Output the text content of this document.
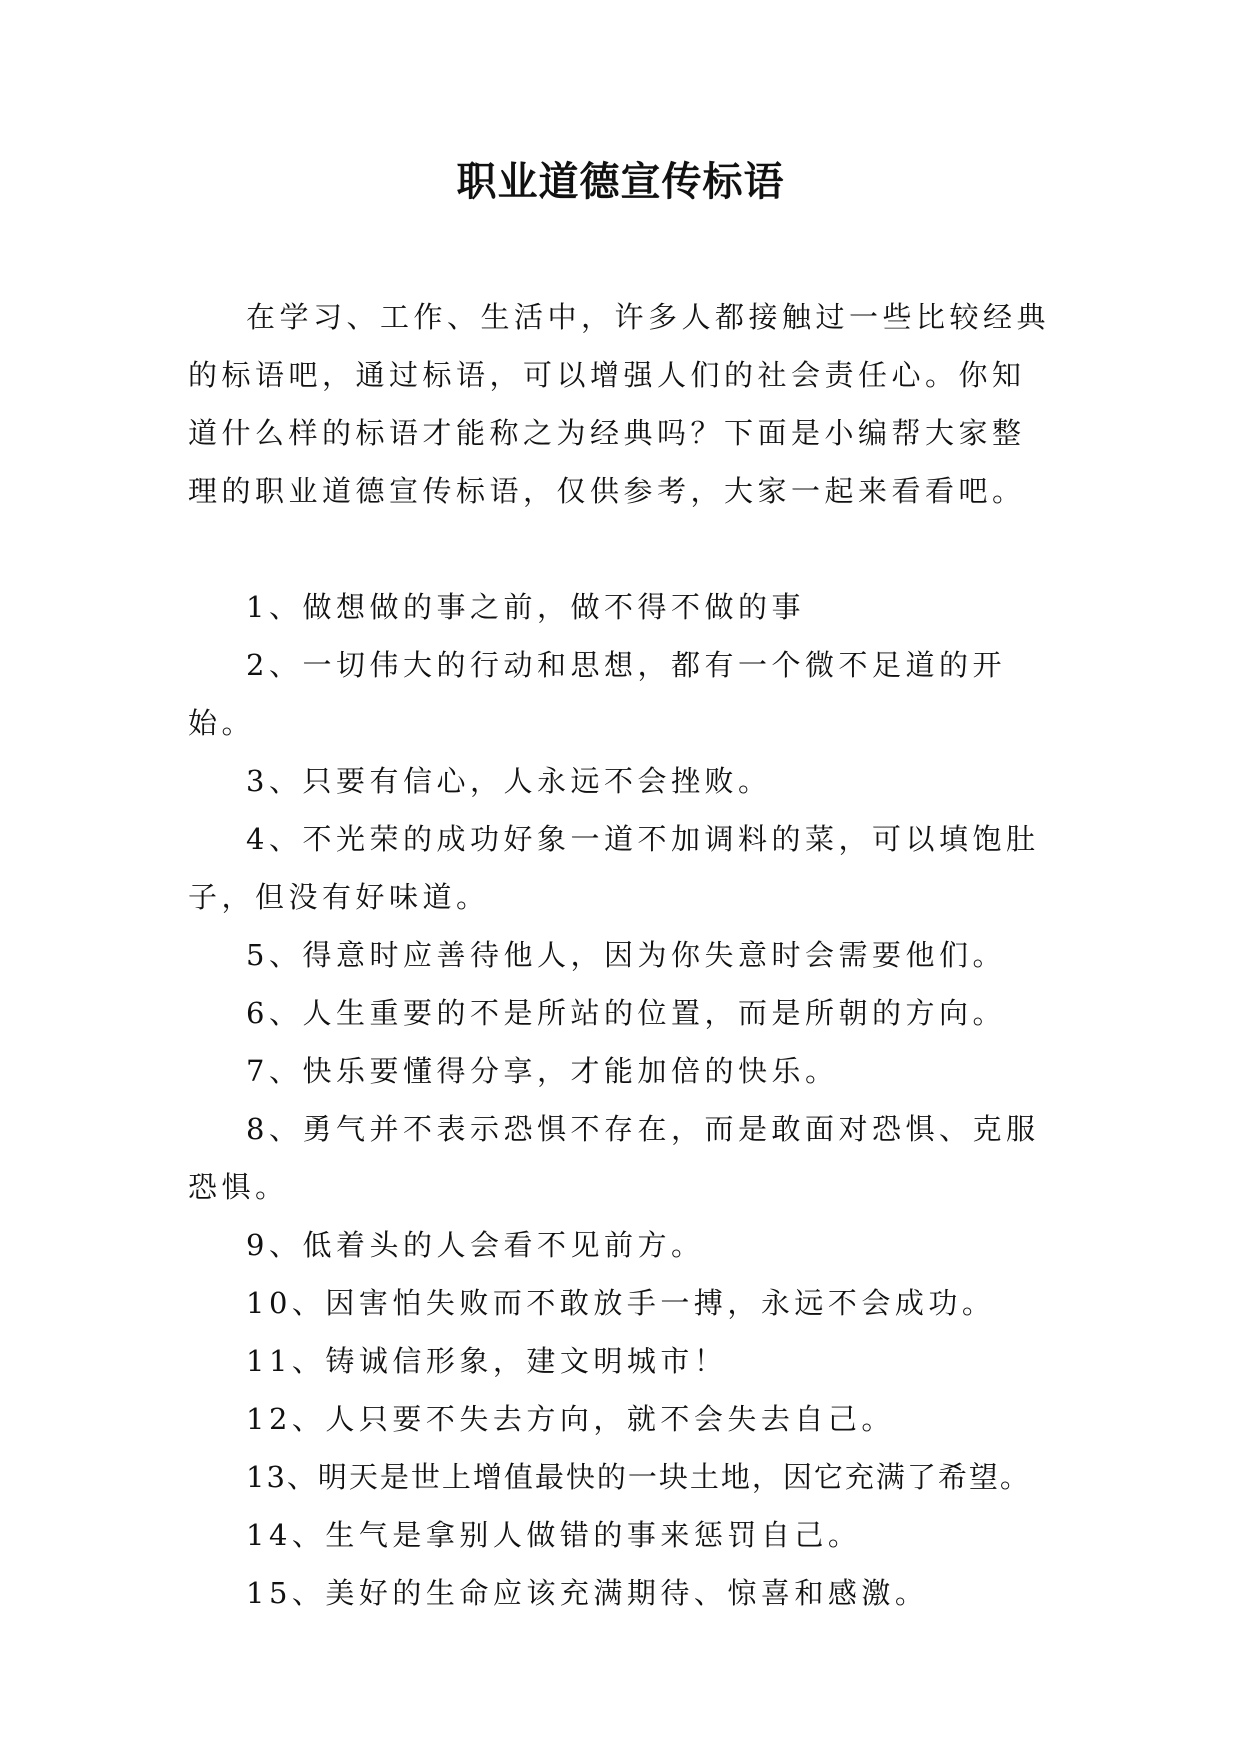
职业道德宣传标语

在学习、工作、生活中，许多人都接触过一些比较经典的标语吧，通过标语，可以增强人们的社会责任心。你知道什么样的标语才能称之为经典吗？下面是小编帮大家整理的职业道德宣传标语，仅供参考，大家一起来看看吧。

1、做想做的事之前，做不得不做的事
2、一切伟大的行动和思想，都有一个微不足道的开始。
3、只要有信心，人永远不会挫败。
4、不光荣的成功好象一道不加调料的菜，可以填饱肚子，但没有好味道。
5、得意时应善待他人，因为你失意时会需要他们。
6、人生重要的不是所站的位置，而是所朝的方向。
7、快乐要懂得分享，才能加倍的快乐。
8、勇气并不表示恐惧不存在，而是敢面对恐惧、克服恐惧。
9、低着头的人会看不见前方。
10、因害怕失败而不敢放手一搏，永远不会成功。
11、铸诚信形象，建文明城市！
12、人只要不失去方向，就不会失去自己。
13、明天是世上增值最快的一块土地，因它充满了希望。
14、生气是拿别人做错的事来惩罚自己。
15、美好的生命应该充满期待、惊喜和感激。
